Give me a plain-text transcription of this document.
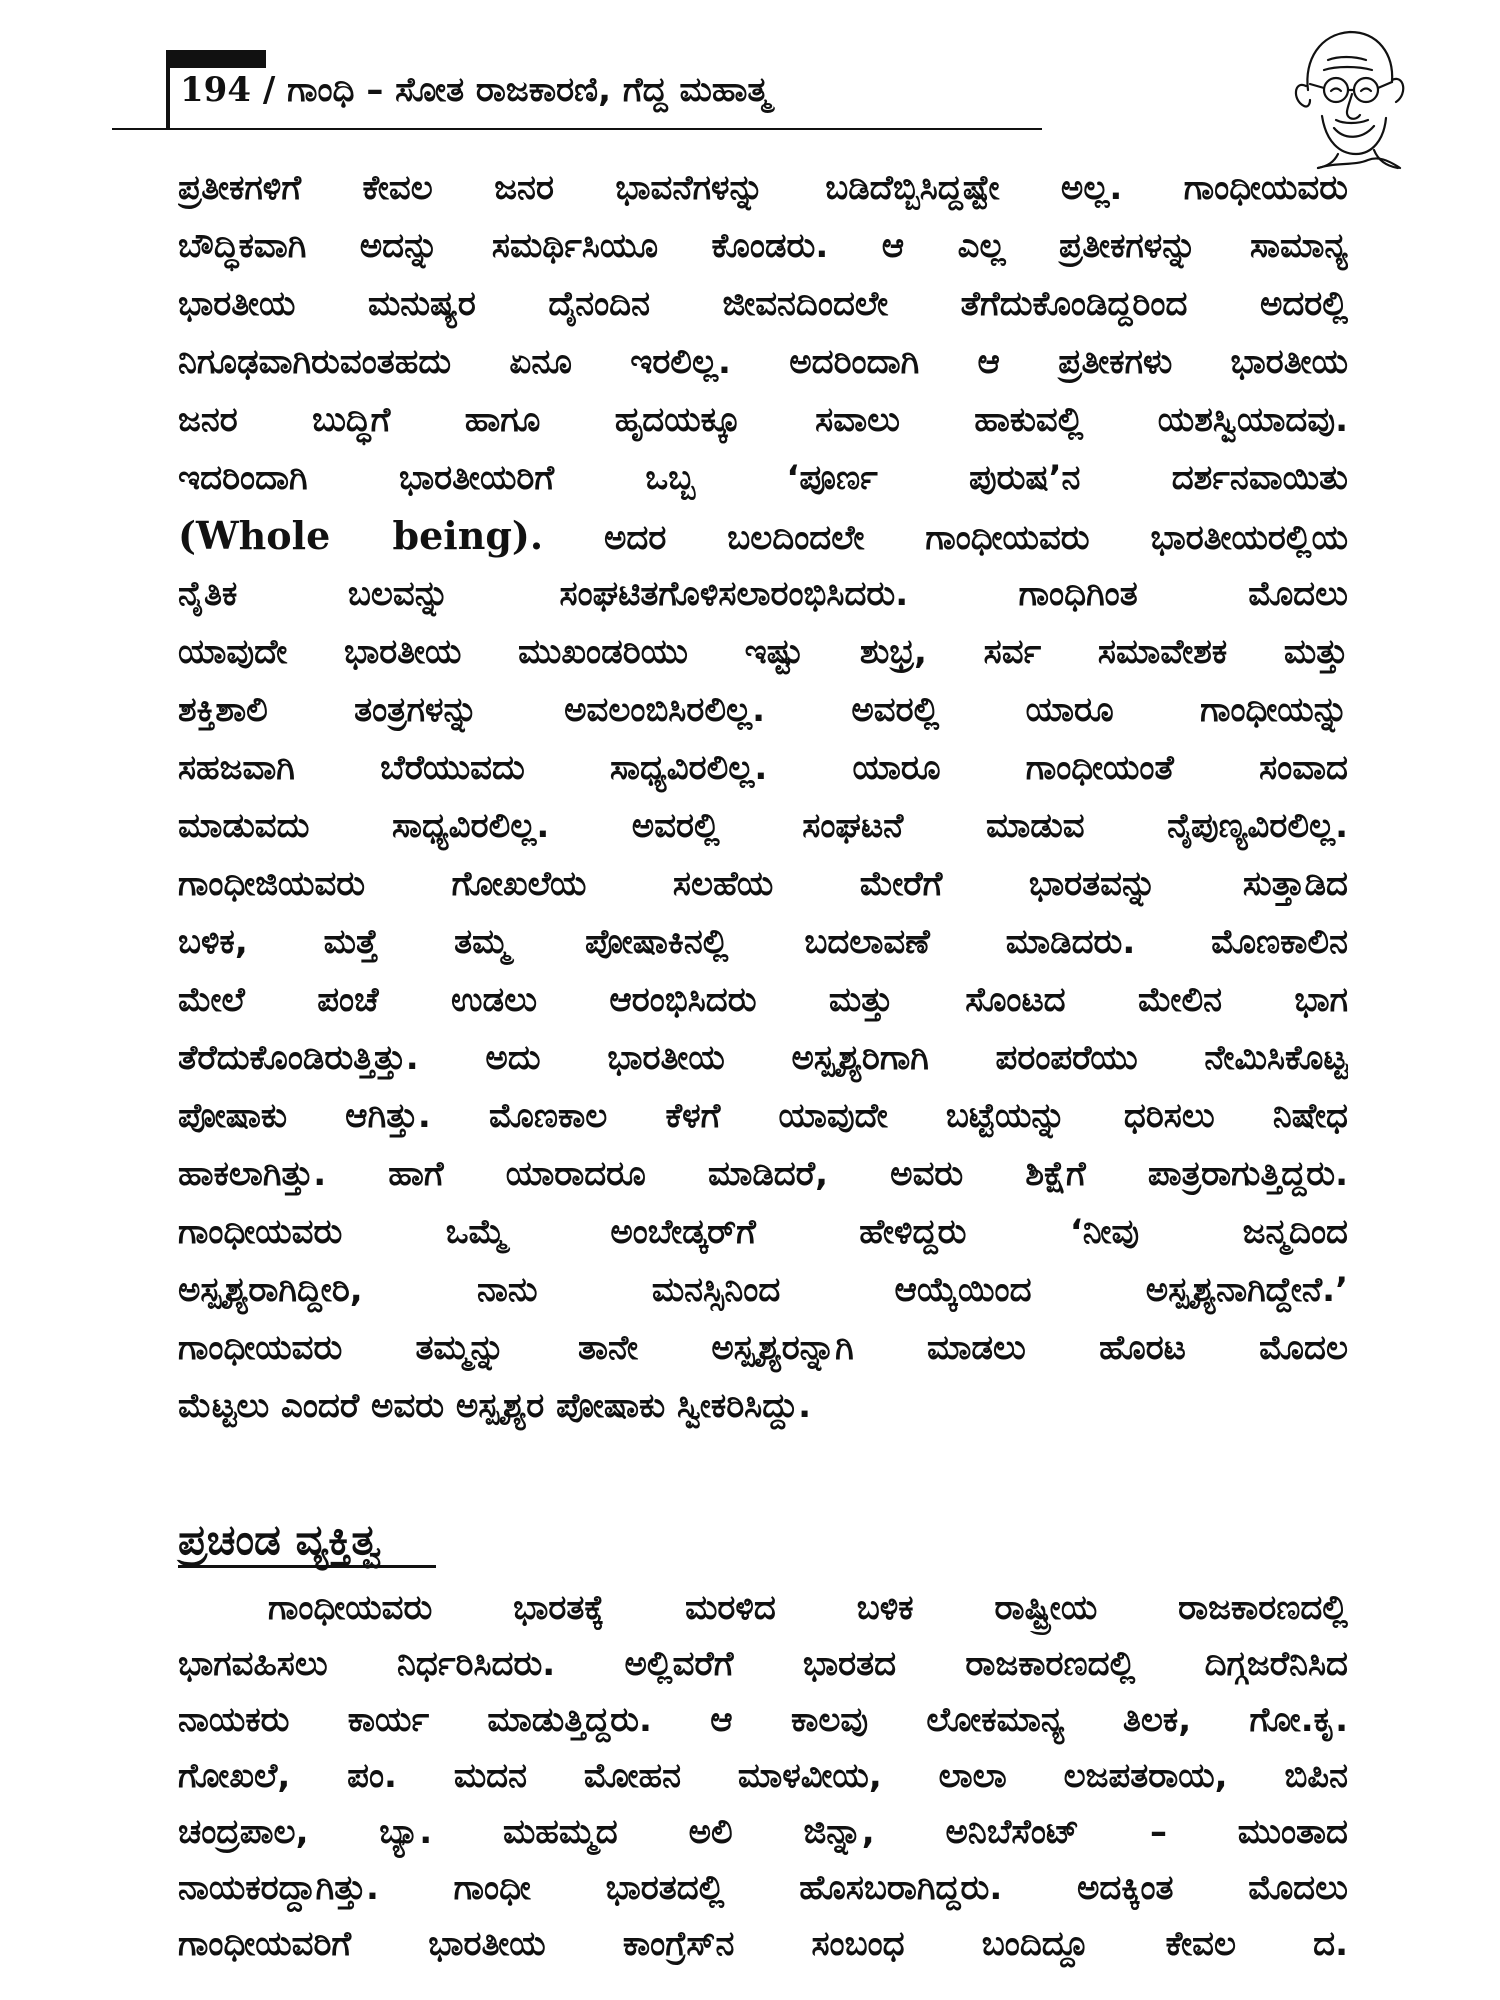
194 / ಗಾಂಧಿ – ಸೋತ ರಾಜಕಾರಣಿ, ಗೆದ್ದ ಮಹಾತ್ಮ
ಪ್ರತೀಕಗಳಿಗೆ ಕೇವಲ ಜನರ ಭಾವನೆಗಳನ್ನು ಬಡಿದೆಬ್ಬಿಸಿದ್ದಷ್ಟೇ ಅಲ್ಲ. ಗಾಂಧೀಯವರು
ಬೌದ್ಧಿಕವಾಗಿ ಅದನ್ನು ಸಮರ್ಥಿಸಿಯೂ ಕೊಂಡರು. ಆ ಎಲ್ಲ ಪ್ರತೀಕಗಳನ್ನು ಸಾಮಾನ್ಯ
ಭಾರತೀಯ ಮನುಷ್ಯರ ದೈನಂದಿನ ಜೀವನದಿಂದಲೇ ತೆಗೆದುಕೊಂಡಿದ್ದರಿಂದ ಅದರಲ್ಲಿ
ನಿಗೂಢವಾಗಿರುವಂತಹದು ಏನೂ ಇರಲಿಲ್ಲ. ಅದರಿಂದಾಗಿ ಆ ಪ್ರತೀಕಗಳು ಭಾರತೀಯ
ಜನರ ಬುದ್ಧಿಗೆ ಹಾಗೂ ಹೃದಯಕ್ಕೂ ಸವಾಲು ಹಾಕುವಲ್ಲಿ ಯಶಸ್ವಿಯಾದವು.
ಇದರಿಂದಾಗಿ ಭಾರತೀಯರಿಗೆ ಒಬ್ಬ ‘ಪೂರ್ಣ ಪುರುಷ’ನ ದರ್ಶನವಾಯಿತು
(Whole being). ಅದರ ಬಲದಿಂದಲೇ ಗಾಂಧೀಯವರು ಭಾರತೀಯರಲ್ಲಿಯ
ನೈತಿಕ ಬಲವನ್ನು ಸಂಘಟಿತಗೊಳಿಸಲಾರಂಭಿಸಿದರು. ಗಾಂಧಿಗಿಂತ ಮೊದಲು
ಯಾವುದೇ ಭಾರತೀಯ ಮುಖಂಡರಿಯು ಇಷ್ಟು ಶುಭ್ರ, ಸರ್ವ ಸಮಾವೇಶಕ ಮತ್ತು
ಶಕ್ತಿಶಾಲಿ ತಂತ್ರಗಳನ್ನು ಅವಲಂಬಿಸಿರಲಿಲ್ಲ. ಅವರಲ್ಲಿ ಯಾರೂ ಗಾಂಧೀಯನ್ನು
ಸಹಜವಾಗಿ ಬೆರೆಯುವದು ಸಾಧ್ಯವಿರಲಿಲ್ಲ. ಯಾರೂ ಗಾಂಧೀಯಂತೆ ಸಂವಾದ
ಮಾಡುವದು ಸಾಧ್ಯವಿರಲಿಲ್ಲ. ಅವರಲ್ಲಿ ಸಂಘಟನೆ ಮಾಡುವ ನೈಪುಣ್ಯವಿರಲಿಲ್ಲ.
ಗಾಂಧೀಜಿಯವರು ಗೋಖಲೆಯ ಸಲಹೆಯ ಮೇರೆಗೆ ಭಾರತವನ್ನು ಸುತ್ತಾಡಿದ
ಬಳಿಕ, ಮತ್ತೆ ತಮ್ಮ ಪೋಷಾಕಿನಲ್ಲಿ ಬದಲಾವಣೆ ಮಾಡಿದರು. ಮೊಣಕಾಲಿನ
ಮೇಲೆ ಪಂಚೆ ಉಡಲು ಆರಂಭಿಸಿದರು ಮತ್ತು ಸೊಂಟದ ಮೇಲಿನ ಭಾಗ
ತೆರೆದುಕೊಂಡಿರುತ್ತಿತ್ತು. ಅದು ಭಾರತೀಯ ಅಸ್ಪೃಶ್ಯರಿಗಾಗಿ ಪರಂಪರೆಯು ನೇಮಿಸಿಕೊಟ್ಟ
ಪೋಷಾಕು ಆಗಿತ್ತು. ಮೊಣಕಾಲ ಕೆಳಗೆ ಯಾವುದೇ ಬಟ್ಟೆಯನ್ನು ಧರಿಸಲು ನಿಷೇಧ
ಹಾಕಲಾಗಿತ್ತು. ಹಾಗೆ ಯಾರಾದರೂ ಮಾಡಿದರೆ, ಅವರು ಶಿಕ್ಷೆಗೆ ಪಾತ್ರರಾಗುತ್ತಿದ್ದರು.
ಗಾಂಧೀಯವರು ಒಮ್ಮೆ ಅಂಬೇಡ್ಕರ್‌ಗೆ ಹೇಳಿದ್ದರು ‘ನೀವು ಜನ್ಮದಿಂದ
ಅಸ್ಪೃಶ್ಯರಾಗಿದ್ದೀರಿ, ನಾನು ಮನಸ್ಸಿನಿಂದ ಆಯ್ಕೆಯಿಂದ ಅಸ್ಪೃಶ್ಯನಾಗಿದ್ದೇನೆ.’
ಗಾಂಧೀಯವರು ತಮ್ಮನ್ನು ತಾನೇ ಅಸ್ಪೃಶ್ಯರನ್ನಾಗಿ ಮಾಡಲು ಹೊರಟ ಮೊದಲ
ಮೆಟ್ಟಲು ಎಂದರೆ ಅವರು ಅಸ್ಪೃಶ್ಯರ ಪೋಷಾಕು ಸ್ವೀಕರಿಸಿದ್ದು.
ಪ್ರಚಂಡ ವ್ಯಕ್ತಿತ್ವ
ಗಾಂಧೀಯವರು ಭಾರತಕ್ಕೆ ಮರಳಿದ ಬಳಿಕ ರಾಷ್ಟ್ರೀಯ ರಾಜಕಾರಣದಲ್ಲಿ
ಭಾಗವಹಿಸಲು ನಿರ್ಧರಿಸಿದರು. ಅಲ್ಲಿವರೆಗೆ ಭಾರತದ ರಾಜಕಾರಣದಲ್ಲಿ ದಿಗ್ಗಜರೆನಿಸಿದ
ನಾಯಕರು ಕಾರ್ಯ ಮಾಡುತ್ತಿದ್ದರು. ಆ ಕಾಲವು ಲೋಕಮಾನ್ಯ ತಿಲಕ, ಗೋ.ಕೃ.
ಗೋಖಲೆ, ಪಂ. ಮದನ ಮೋಹನ ಮಾಳವೀಯ, ಲಾಲಾ ಲಜಪತರಾಯ, ಬಿಪಿನ
ಚಂದ್ರಪಾಲ, ಬ್ಯಾ. ಮಹಮ್ಮದ ಅಲಿ ಜಿನ್ನಾ, ಅನಿಬೆಸೆಂಟ್ – ಮುಂತಾದ
ನಾಯಕರದ್ದಾಗಿತ್ತು. ಗಾಂಧೀ ಭಾರತದಲ್ಲಿ ಹೊಸಬರಾಗಿದ್ದರು. ಅದಕ್ಕಿಂತ ಮೊದಲು
ಗಾಂಧೀಯವರಿಗೆ ಭಾರತೀಯ ಕಾಂಗ್ರೆಸ್‌ನ ಸಂಬಂಧ ಬಂದಿದ್ದೂ ಕೇವಲ ದ.
